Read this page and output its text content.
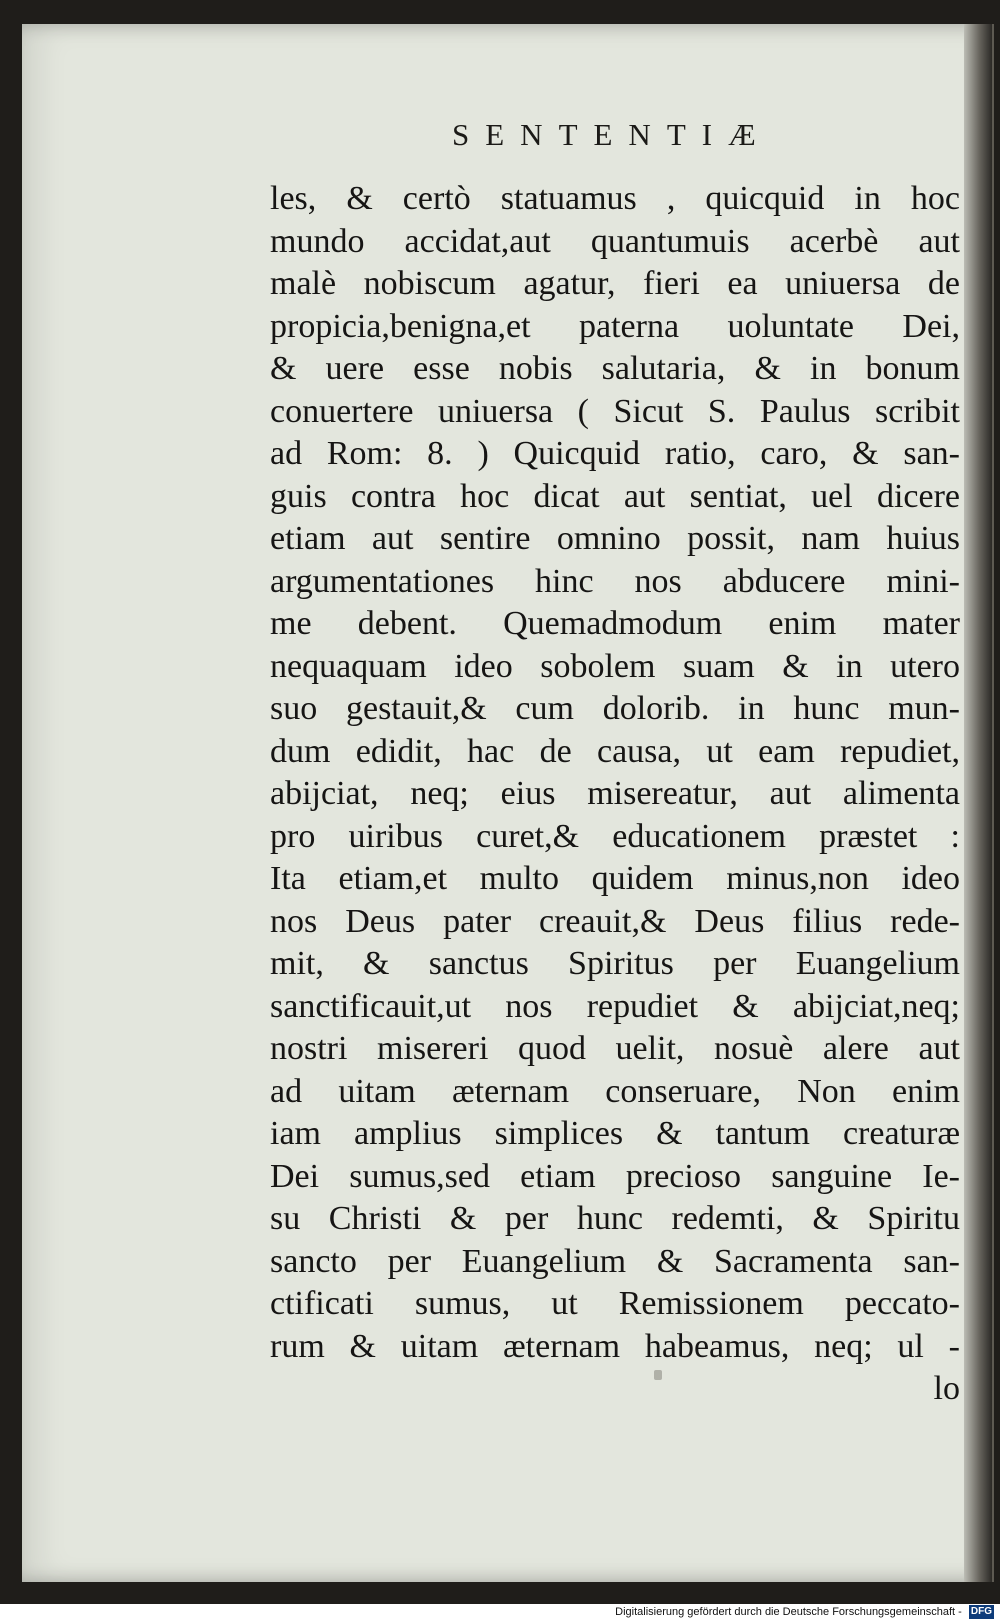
SENTENTIÆ
les, & certò statuamus , quicquid in hoc
mundo accidat,aut quantumuis acerbè aut
malè nobiscum agatur, fieri ea uniuersa de
propicia,benigna,et paterna uoluntate Dei,
& uere esse nobis salutaria, & in bonum
conuertere uniuersa ( Sicut S. Paulus scribit
ad Rom: 8. ) Quicquid ratio, caro, & san-
guis contra hoc dicat aut sentiat, uel dicere
etiam aut sentire omnino possit, nam huius
argumentationes hinc nos abducere mini-
me debent. Quemadmodum enim mater
nequaquam ideo sobolem suam & in utero
suo gestauit,& cum dolorib. in hunc mun-
dum edidit, hac de causa, ut eam repudiet,
abijciat, neq; eius misereatur, aut alimenta
pro uiribus curet,& educationem præstet :
Ita etiam,et multo quidem minus,non ideo
nos Deus pater creauit,& Deus filius rede-
mit, & sanctus Spiritus per Euangelium
sanctificauit,ut nos repudiet & abijciat,neq;
nostri misereri quod uelit, nosuè alere aut
ad uitam æternam conseruare, Non enim
iam amplius simplices & tantum creaturæ
Dei sumus,sed etiam precioso sanguine Ie-
su Christi & per hunc redemti, & Spiritu
sancto per Euangelium & Sacramenta san-
ctificati sumus, ut Remissionem peccato-
rum & uitam æternam habeamus, neq; ul -
lo
Digitalisierung gefördert durch die Deutsche Forschungsgemeinschaft - DFG
